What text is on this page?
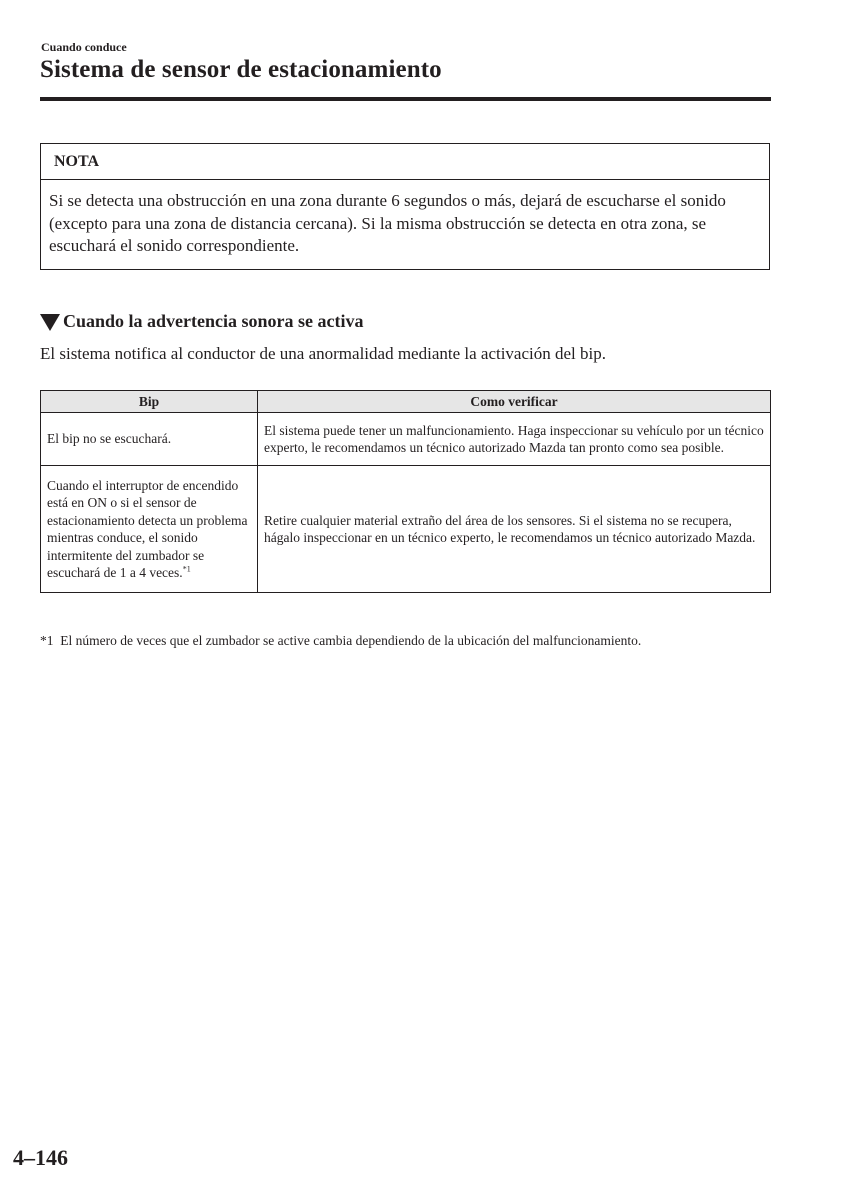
Cuando conduce
Sistema de sensor de estacionamiento
NOTA
Si se detecta una obstrucción en una zona durante 6 segundos o más, dejará de escucharse el sonido (excepto para una zona de distancia cercana). Si la misma obstrucción se detecta en otra zona, se escuchará el sonido correspondiente.
Cuando la advertencia sonora se activa
El sistema notifica al conductor de una anormalidad mediante la activación del bip.
Bip	Como verificar
El bip no se escuchará.	El sistema puede tener un malfuncionamiento. Haga inspeccionar su vehículo por un técnico experto, le recomendamos un técnico autorizado Mazda tan pronto como sea posible.
Cuando el interruptor de encendido está en ON o si el sensor de estacionamiento detecta un problema mientras conduce, el sonido intermitente del zumbador se escuchará de 1 a 4 veces.$^{*1}$	Retire cualquier material extraño del área de los sensores. Si el sistema no se recupera, hágalo inspeccionar en un técnico experto, le recomendamos un técnico autorizado Mazda.
*1 El número de veces que el zumbador se active cambia dependiendo de la ubicación del malfuncionamiento.
4–146
